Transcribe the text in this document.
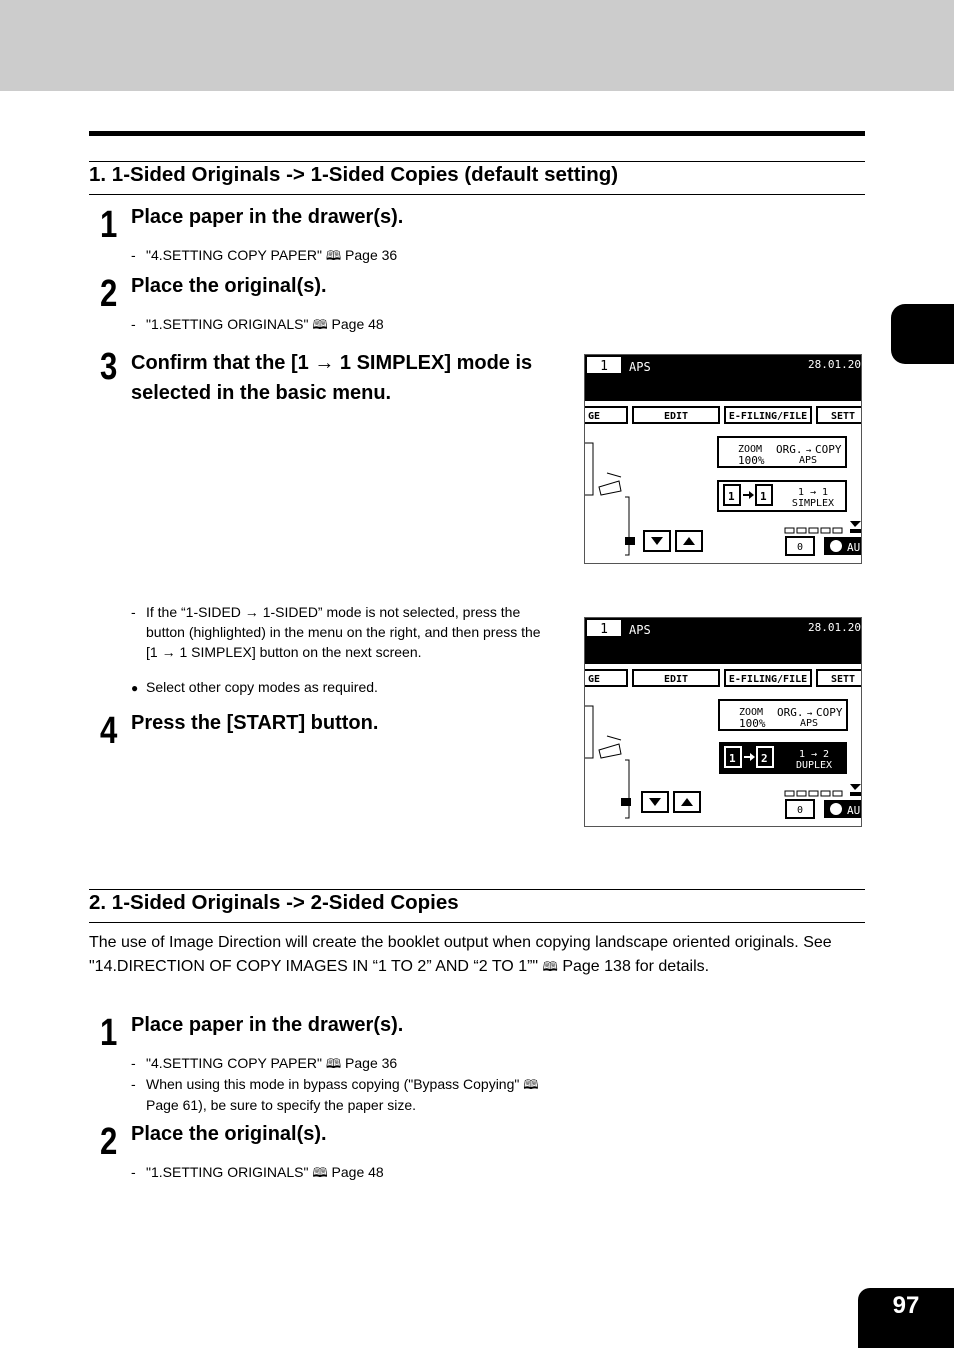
1. 1-Sided Originals -> 1-Sided Copies (default setting)
1 Place paper in the drawer(s).
- "4.SETTING COPY PAPER" 🕮 Page 36
2 Place the original(s).
- "1.SETTING ORIGINALS" 🕮 Page 48
3 Confirm that the [1 → 1 SIMPLEX] mode is
selected in the basic menu.
- If the “1-SIDED → 1-SIDED” mode is not selected, press the
button (highlighted) in the menu on the right, and then press the
[1 → 1 SIMPLEX] button on the next screen.
● Select other copy modes as required.
4 Press the [START] button.
1 APS	28.01.20
GE	EDIT	E-FILING/FILE SETT
ZOOM
100%
ORG. → COPY
APS
1 1	1 → 1
SIMPLEX
0	AU
1 APS	28.01.20
GE	EDIT	E-FILING/FILE SETT
ZOOM
100%
ORG. → COPY
APS
1 2	1 → 2
DUPLEX
0	AU
2. 1-Sided Originals -> 2-Sided Copies
The use of Image Direction will create the booklet output when copying landscape oriented originals. See
"14.DIRECTION OF COPY IMAGES IN “1 TO 2” AND “2 TO 1”" 🕮 Page 138 for details.
1 Place paper in the drawer(s).
- "4.SETTING COPY PAPER" 🕮 Page 36
- When using this mode in bypass copying ("Bypass Copying" 🕮
Page 61), be sure to specify the paper size.
2 Place the original(s).
- "1.SETTING ORIGINALS" 🕮 Page 48
97
